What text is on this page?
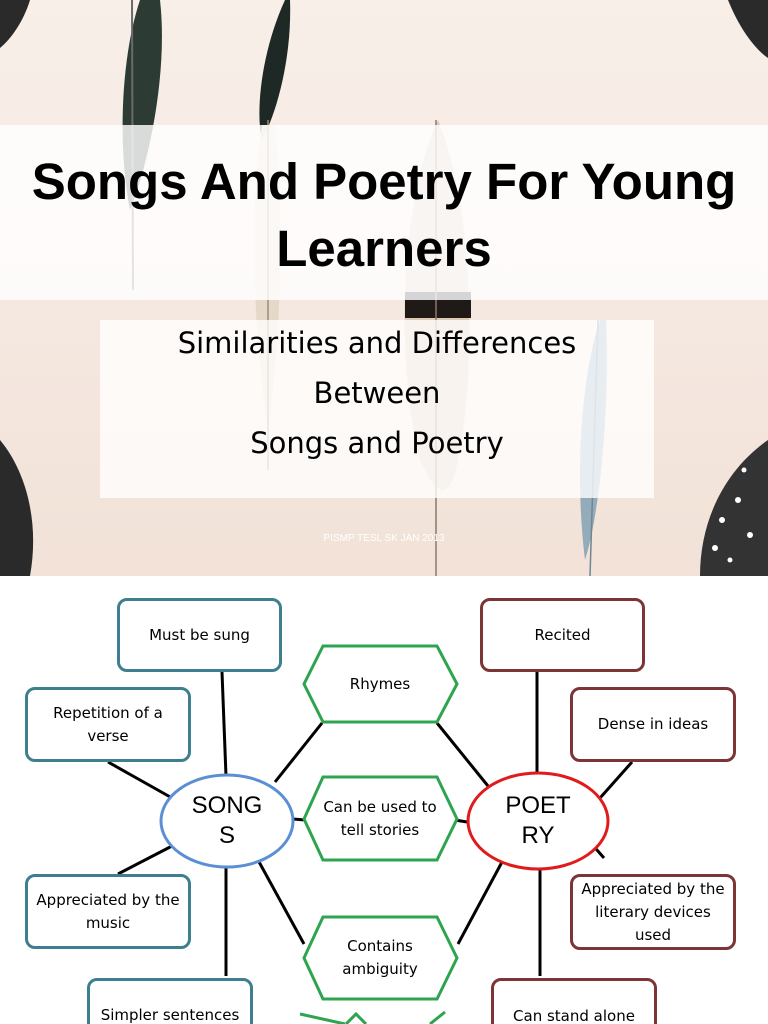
Songs And Poetry For Young Learners
Similarities and Differences
Between
Songs and Poetry
PISMP TESL SK JAN 2013
SONG
S
POET
RY
Must be sung
Repetition of a verse
Appreciated by the music
Simpler sentences
Recited
Dense in ideas
Appreciated by the literary devices used
Can stand alone
Rhymes
Can be used to tell stories
Contains ambiguity
